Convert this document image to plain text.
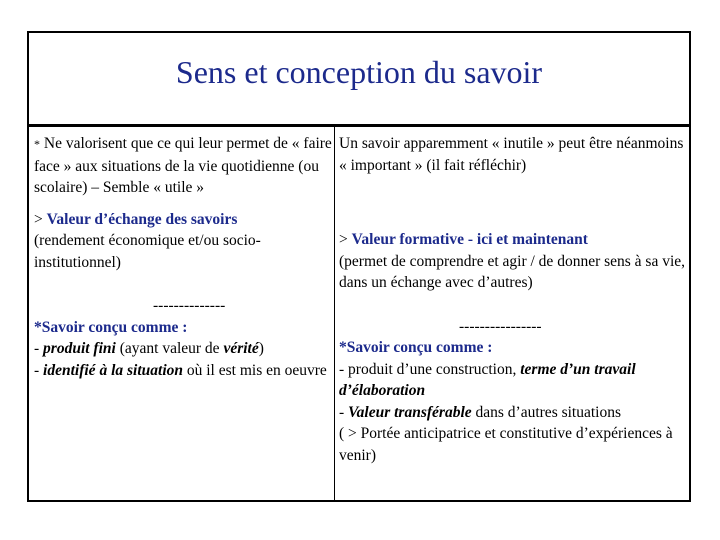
Sens et conception du savoir

* Ne valorisent que ce qui leur permet de « faire face » aux situations de la vie quotidienne (ou scolaire) – Semble « utile »

> Valeur d’échange des savoirs
(rendement économique et/ou socio-institutionnel)

--------------
*Savoir conçu comme :
- produit fini (ayant valeur de vérité)
- identifié à la situation où il est mis en oeuvre

Un savoir apparemment « inutile » peut être néanmoins « important » (il fait réfléchir)

> Valeur formative - ici et maintenant
(permet de comprendre et agir / de donner sens à sa vie, dans un échange avec d’autres)

----------------
*Savoir conçu comme :
- produit d’une construction, terme d’un travail d’élaboration
- Valeur transférable dans d’autres situations
( > Portée anticipatrice et constitutive d’expériences à venir)
